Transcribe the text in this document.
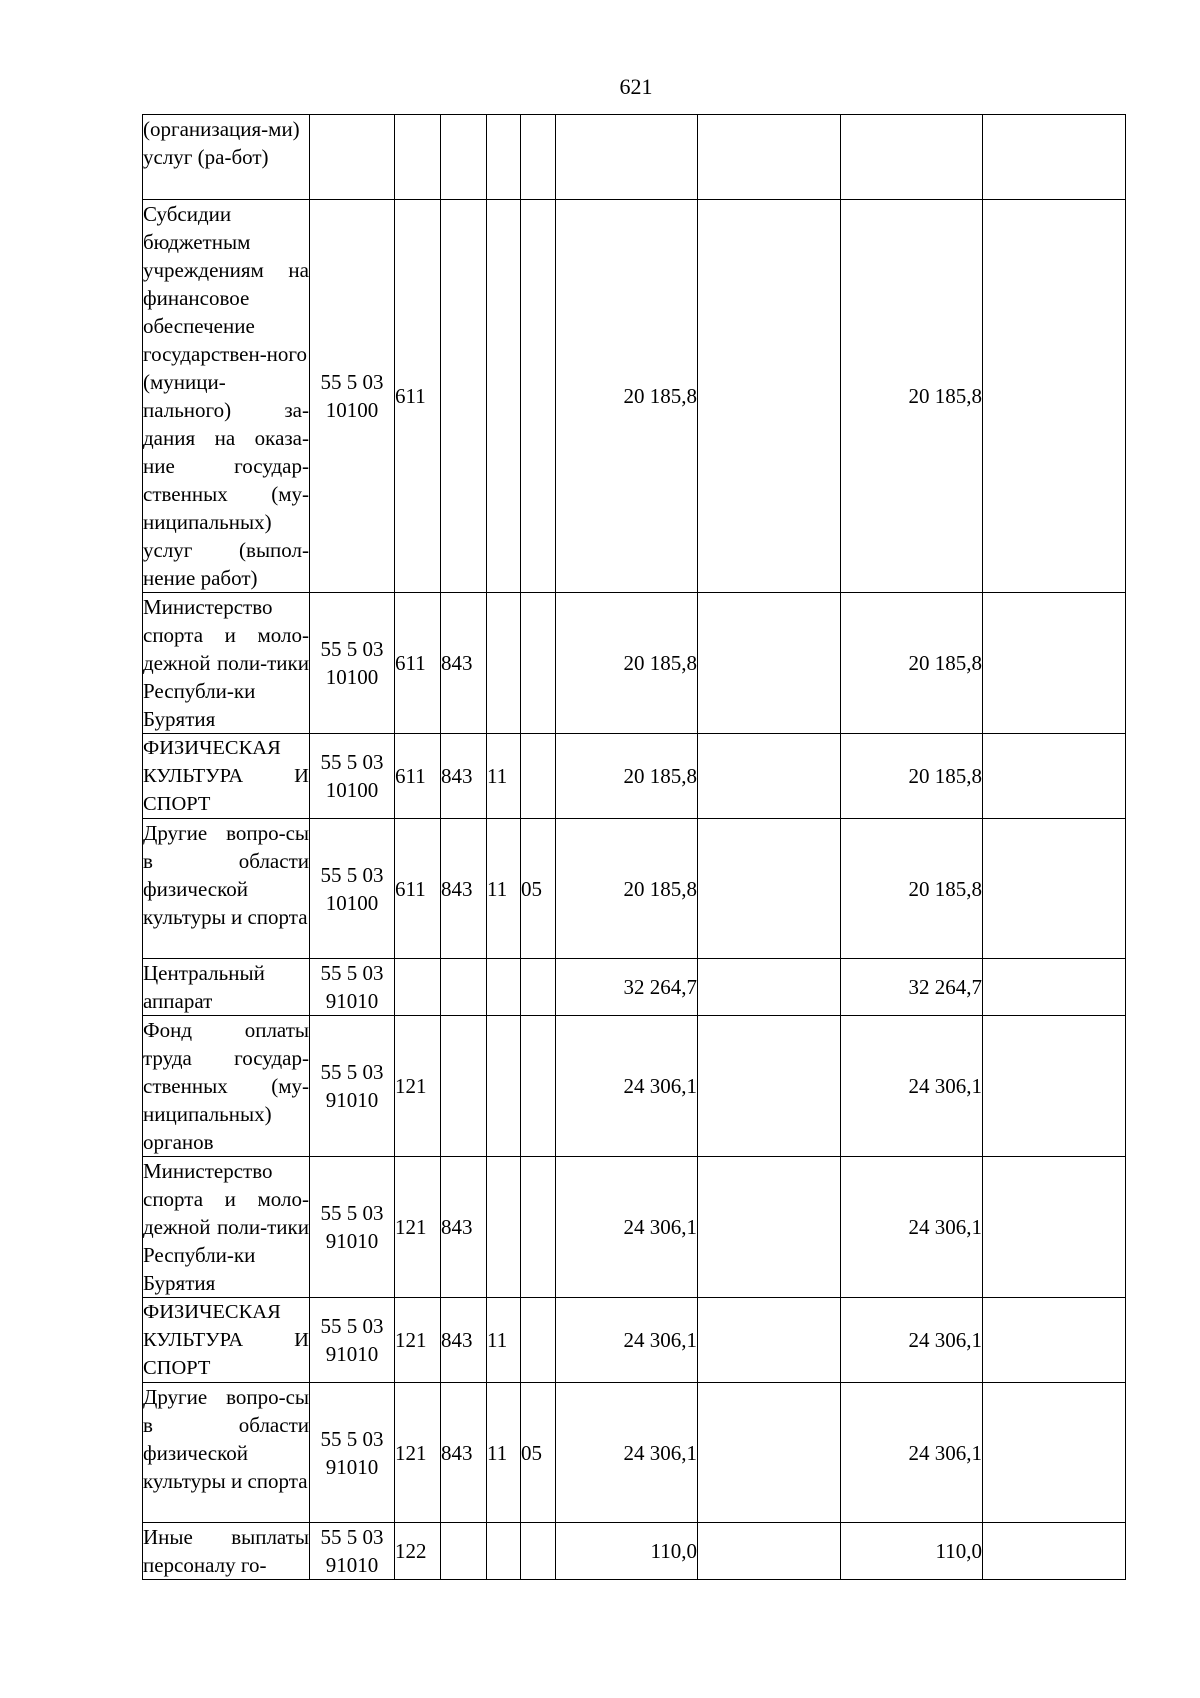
621
(организация-ми) услуг (ра-бот)									
Субсидии бюджетным учреждениям на финансовое обеспечение государствен-ного (муници-пального) за-дания на оказа-ние государ-ственных (му-ниципальных) услуг (выпол-нение работ)	55 5 03 10100	611				20 185,8		20 185,8	
Министерство спорта и моло-дежной поли-тики Республи-ки Бурятия	55 5 03 10100	611	843			20 185,8		20 185,8	
ФИЗИЧЕСКАЯ КУЛЬТУРА И СПОРТ	55 5 03 10100	611	843	11		20 185,8		20 185,8	
Другие вопро-сы в области физической культуры и спорта	55 5 03 10100	611	843	11	05	20 185,8		20 185,8	
Центральный аппарат	55 5 03 91010					32 264,7		32 264,7	
Фонд оплаты труда государ-ственных (му-ниципальных) органов	55 5 03 91010	121				24 306,1		24 306,1	
Министерство спорта и моло-дежной поли-тики Республи-ки Бурятия	55 5 03 91010	121	843			24 306,1		24 306,1	
ФИЗИЧЕСКАЯ КУЛЬТУРА И СПОРТ	55 5 03 91010	121	843	11		24 306,1		24 306,1	
Другие вопро-сы в области физической культуры и спорта	55 5 03 91010	121	843	11	05	24 306,1		24 306,1	
Иные выплаты персоналу го-	55 5 03 91010	122				110,0		110,0	
